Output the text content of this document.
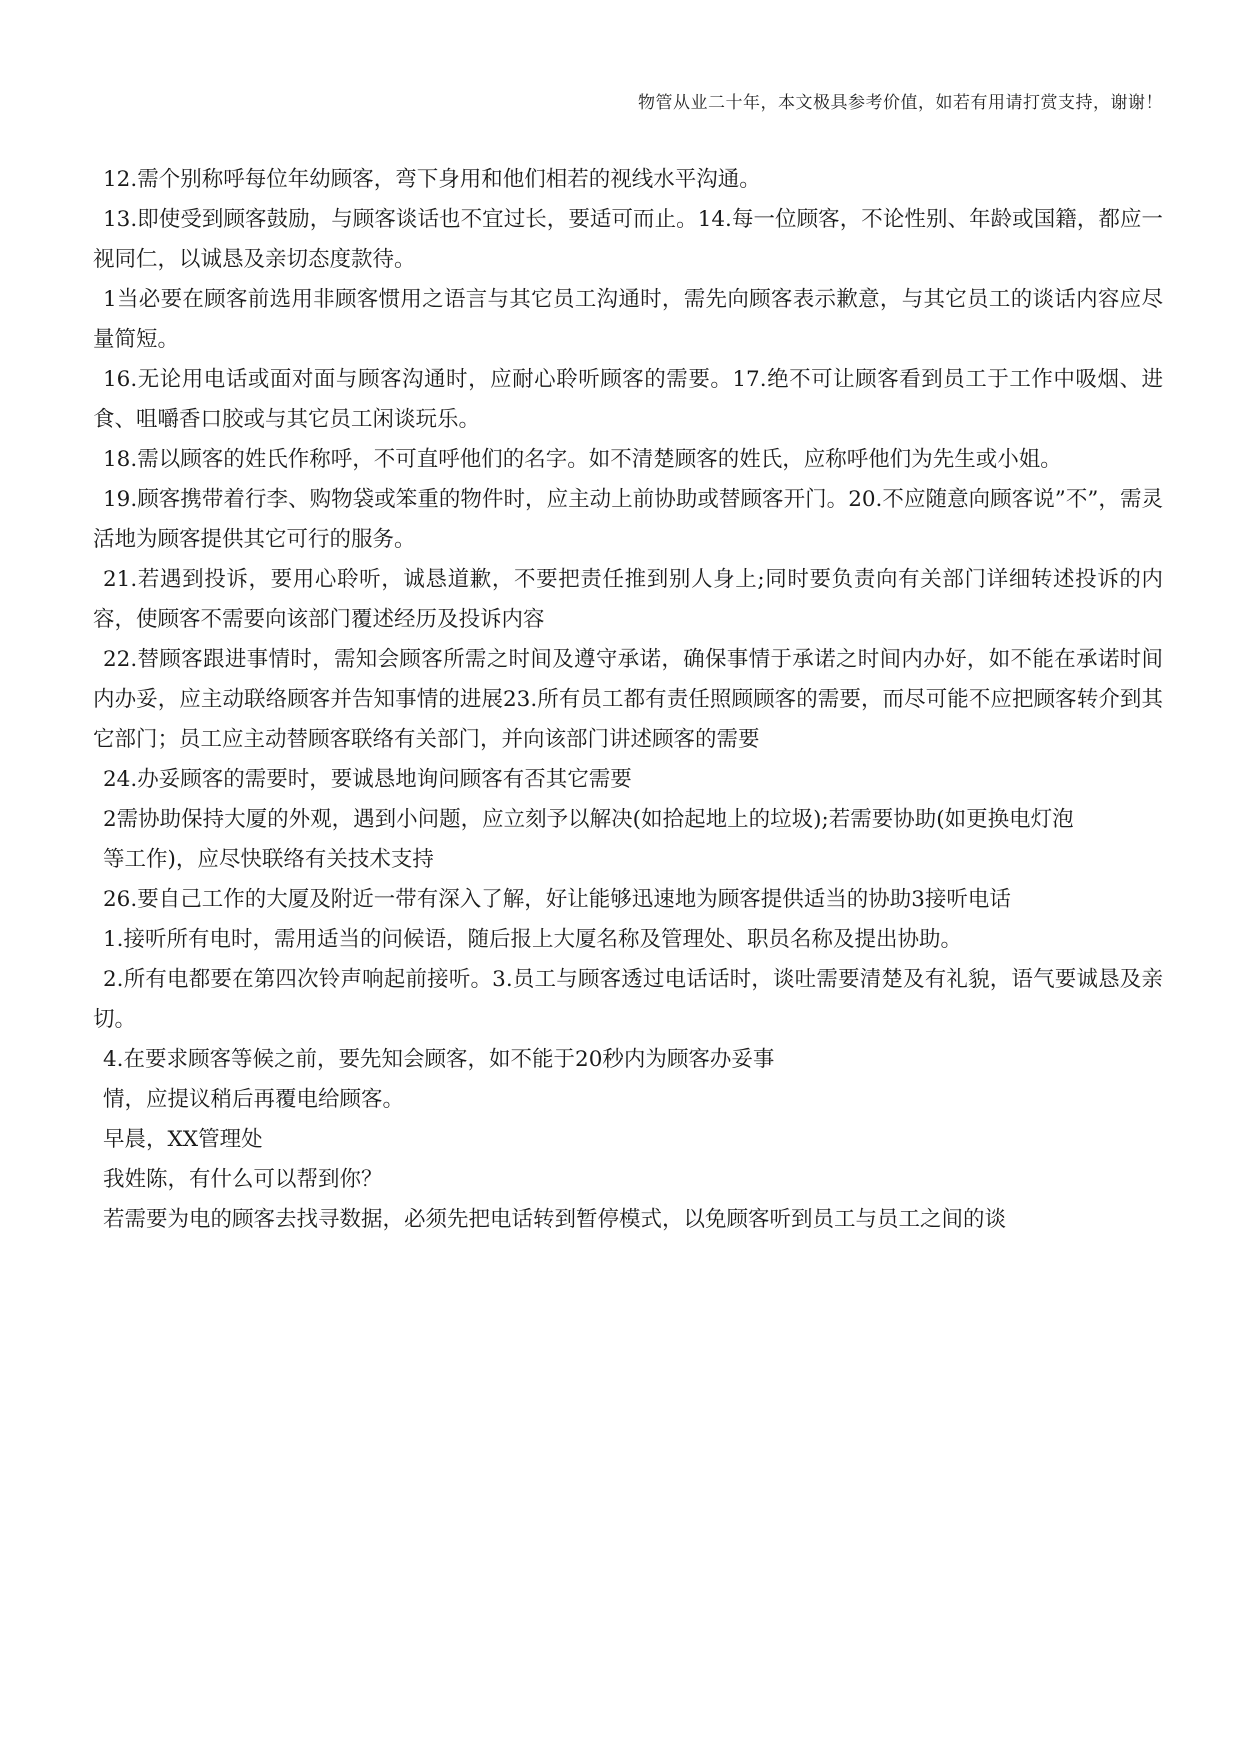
物管从业二十年，本文极具参考价值，如若有用请打赏支持，谢谢！

12.需个别称呼每位年幼顾客，弯下身用和他们相若的视线水平沟通。

13.即使受到顾客鼓励，与顾客谈话也不宜过长，要适可而止。14.每一位顾客，不论性别、年龄或国籍，都应一视同仁，以诚恳及亲切态度款待。

1当必要在顾客前选用非顾客惯用之语言与其它员工沟通时，需先向顾客表示歉意，与其它员工的谈话内容应尽量简短。

16.无论用电话或面对面与顾客沟通时，应耐心聆听顾客的需要。17.绝不可让顾客看到员工于工作中吸烟、进食、咀嚼香口胶或与其它员工闲谈玩乐。

18.需以顾客的姓氏作称呼，不可直呼他们的名字。如不清楚顾客的姓氏，应称呼他们为先生或小姐。

19.顾客携带着行李、购物袋或笨重的物件时，应主动上前协助或替顾客开门。20.不应随意向顾客说”不”，需灵活地为顾客提供其它可行的服务。

21.若遇到投诉，要用心聆听，诚恳道歉，不要把责任推到别人身上;同时要负责向有关部门详细转述投诉的内容，使顾客不需要向该部门覆述经历及投诉内容

22.替顾客跟进事情时，需知会顾客所需之时间及遵守承诺，确保事情于承诺之时间内办好，如不能在承诺时间内办妥，应主动联络顾客并告知事情的进展23.所有员工都有责任照顾顾客的需要，而尽可能不应把顾客转介到其它部门；员工应主动替顾客联络有关部门，并向该部门讲述顾客的需要

24.办妥顾客的需要时，要诚恳地询问顾客有否其它需要

2需协助保持大厦的外观，遇到小问题，应立刻予以解决(如拾起地上的垃圾);若需要协助(如更换电灯泡

等工作)，应尽快联络有关技术支持

26.要自己工作的大厦及附近一带有深入了解，好让能够迅速地为顾客提供适当的协助3接听电话

1.接听所有电时，需用适当的问候语，随后报上大厦名称及管理处、职员名称及提出协助。

2.所有电都要在第四次铃声响起前接听。3.员工与顾客透过电话话时，谈吐需要清楚及有礼貌，语气要诚恳及亲切。

4.在要求顾客等候之前，要先知会顾客，如不能于20秒内为顾客办妥事

情，应提议稍后再覆电给顾客。

早晨，XX管理处

我姓陈，有什么可以帮到你？

若需要为电的顾客去找寻数据，必须先把电话转到暂停模式，以免顾客听到员工与员工之间的谈
